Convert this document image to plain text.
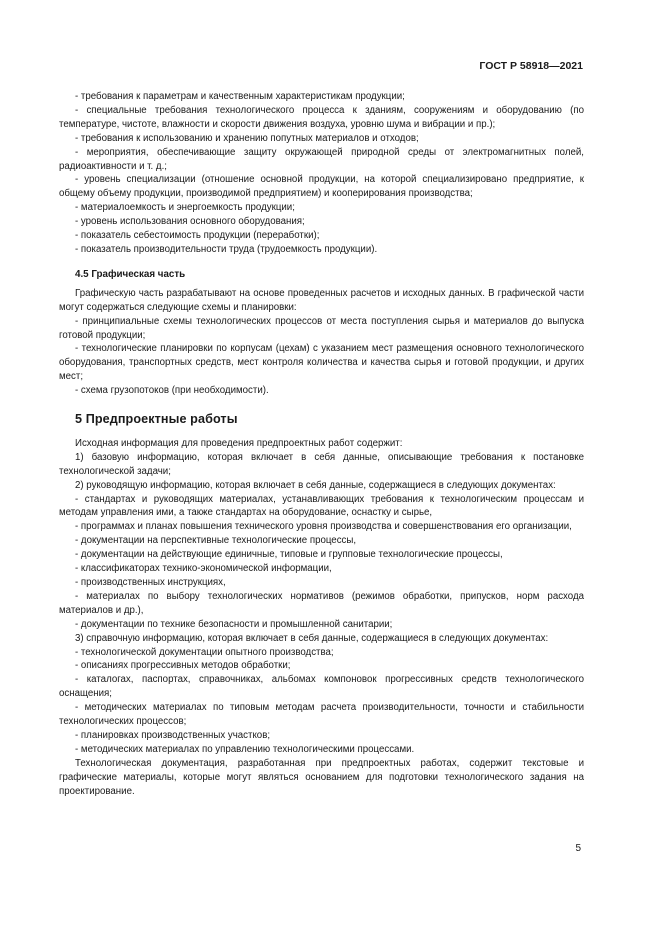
ГОСТ Р 58918—2021

- требования к параметрам и качественным характеристикам продукции;

- специальные требования технологического процесса к зданиям, сооружениям и оборудованию (по температуре, чистоте, влажности и скорости движения воздуха, уровню шума и вибрации и пр.);

- требования к использованию и хранению попутных материалов и отходов;

- мероприятия, обеспечивающие защиту окружающей природной среды от электромагнитных полей, радиоактивности и т. д.;

- уровень специализации (отношение основной продукции, на которой специализировано предприятие, к общему объему продукции, производимой предприятием) и кооперирования производства;

- материалоемкость и энергоемкость продукции;

- уровень использования основного оборудования;

- показатель себестоимость продукции (переработки);

- показатель производительности труда (трудоемкость продукции).

4.5 Графическая часть

Графическую часть разрабатывают на основе проведенных расчетов и исходных данных. В графической части могут содержаться следующие схемы и планировки:

- принципиальные схемы технологических процессов от места поступления сырья и материалов до выпуска готовой продукции;

- технологические планировки по корпусам (цехам) с указанием мест размещения основного технологического оборудования, транспортных средств, мест контроля количества и качества сырья и готовой продукции, и других мест;

- схема грузопотоков (при необходимости).

5 Предпроектные работы

Исходная информация для проведения предпроектных работ содержит:

1) базовую информацию, которая включает в себя данные, описывающие требования к постановке технологической задачи;

2) руководящую информацию, которая включает в себя данные, содержащиеся в следующих документах:

- стандартах и руководящих материалах, устанавливающих требования к технологическим процессам и методам управления ими, а также стандартах на оборудование, оснастку и сырье,

- программах и планах повышения технического уровня производства и совершенствования его организации,

- документации на перспективные технологические процессы,

- документации на действующие единичные, типовые и групповые технологические процессы,

- классификаторах технико-экономической информации,

- производственных инструкциях,

- материалах по выбору технологических нормативов (режимов обработки, припусков, норм расхода материалов и др.),

- документации по технике безопасности и промышленной санитарии;

3) справочную информацию, которая включает в себя данные, содержащиеся в следующих документах:

- технологической документации опытного производства;

- описаниях прогрессивных методов обработки;

- каталогах, паспортах, справочниках, альбомах компоновок прогрессивных средств технологического оснащения;

- методических материалах по типовым методам расчета производительности, точности и стабильности технологических процессов;

- планировках производственных участков;

- методических материалах по управлению технологическими процессами.

Технологическая документация, разработанная при предпроектных работах, содержит текстовые и графические материалы, которые могут являться основанием для подготовки технологического задания на проектирование.

5
